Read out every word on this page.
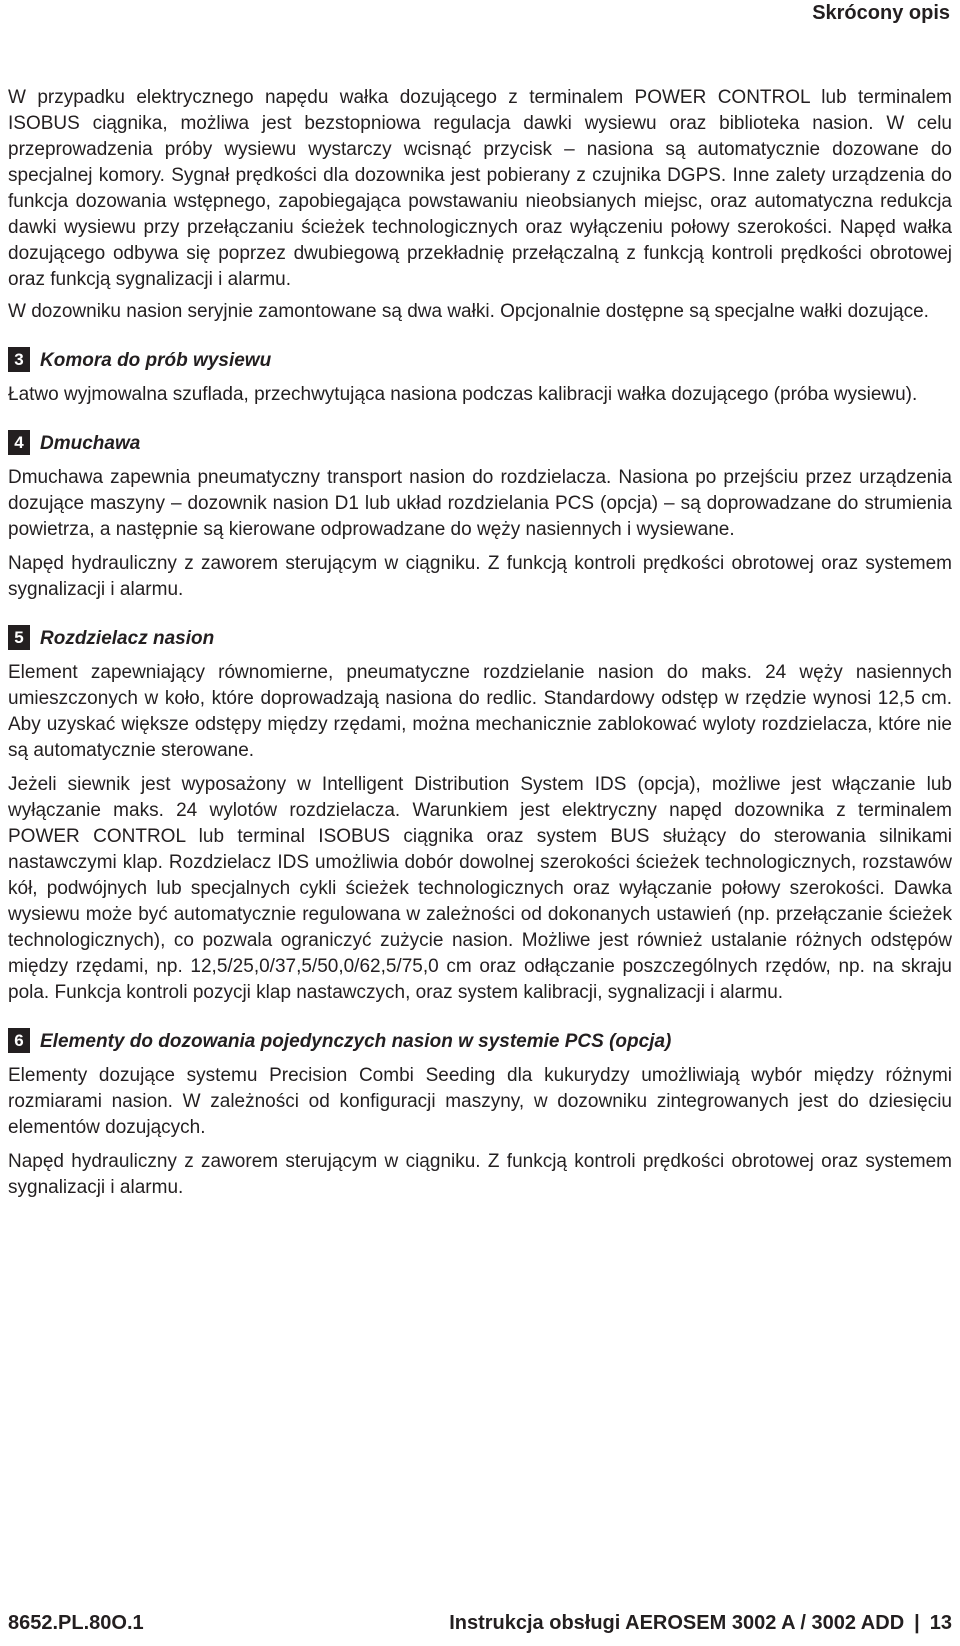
Skrócony opis

W przypadku elektrycznego napędu wałka dozującego z terminalem POWER CONTROL lub terminalem ISOBUS ciągnika, możliwa jest bezstopniowa regulacja dawki wysiewu oraz biblioteka nasion. W celu przeprowadzenia próby wysiewu wystarczy wcisnąć przycisk – nasiona są automatycznie dozowane do specjalnej komory. Sygnał prędkości dla dozownika jest pobierany z czujnika DGPS. Inne zalety urządzenia do funkcja dozowania wstępnego, zapobiegająca powstawaniu nieobsianych miejsc, oraz automatyczna redukcja dawki wysiewu przy przełączaniu ścieżek technologicznych oraz wyłączeniu połowy szerokości. Napęd wałka dozującego odbywa się poprzez dwubiegową przekładnię przełączalną z funkcją kontroli prędkości obrotowej oraz funkcją sygnalizacji i alarmu.

W dozowniku nasion seryjnie zamontowane są dwa wałki. Opcjonalnie dostępne są specjalne wałki dozujące.

3 Komora do prób wysiewu

Łatwo wyjmowalna szuflada, przechwytująca nasiona podczas kalibracji wałka dozującego (próba wysiewu).

4 Dmuchawa

Dmuchawa zapewnia pneumatyczny transport nasion do rozdzielacza. Nasiona po przejściu przez urządzenia dozujące maszyny – dozownik nasion D1 lub układ rozdzielania PCS (opcja) – są doprowadzane do strumienia powietrza, a następnie są kierowane odprowadzane do węży nasiennych i wysiewane.

Napęd hydrauliczny z zaworem sterującym w ciągniku. Z funkcją kontroli prędkości obrotowej oraz systemem sygnalizacji i alarmu.

5 Rozdzielacz nasion

Element zapewniający równomierne, pneumatyczne rozdzielanie nasion do maks. 24 węży nasiennych umieszczonych w koło, które doprowadzają nasiona do redlic. Standardowy odstęp w rzędzie wynosi 12,5 cm. Aby uzyskać większe odstępy między rzędami, można mechanicznie zablokować wyloty rozdzielacza, które nie są automatycznie sterowane.

Jeżeli siewnik jest wyposażony w Intelligent Distribution System IDS (opcja), możliwe jest włączanie lub wyłączanie maks. 24 wylotów rozdzielacza. Warunkiem jest elektryczny napęd dozownika z terminalem POWER CONTROL lub terminal ISOBUS ciągnika oraz system BUS służący do sterowania silnikami nastawczymi klap. Rozdzielacz IDS umożliwia dobór dowolnej szerokości ścieżek technologicznych, rozstawów kół, podwójnych lub specjalnych cykli ścieżek technologicznych oraz wyłączanie połowy szerokości. Dawka wysiewu może być automatycznie regulowana w zależności od dokonanych ustawień (np. przełączanie ścieżek technologicznych), co pozwala ograniczyć zużycie nasion. Możliwe jest również ustalanie różnych odstępów między rzędami, np. 12,5/25,0/37,5/50,0/62,5/75,0 cm oraz odłączanie poszczególnych rzędów, np. na skraju pola. Funkcja kontroli pozycji klap nastawczych, oraz system kalibracji, sygnalizacji i alarmu.

6 Elementy do dozowania pojedynczych nasion w systemie PCS (opcja)

Elementy dozujące systemu Precision Combi Seeding dla kukurydzy umożliwiają wybór między różnymi rozmiarami nasion. W zależności od konfiguracji maszyny, w dozowniku zintegrowanych jest do dziesięciu elementów dozujących.

Napęd hydrauliczny z zaworem sterującym w ciągniku. Z funkcją kontroli prędkości obrotowej oraz systemem sygnalizacji i alarmu.

8652.PL.80O.1	Instrukcja obsługi AEROSEM 3002 A / 3002 ADD | 13
